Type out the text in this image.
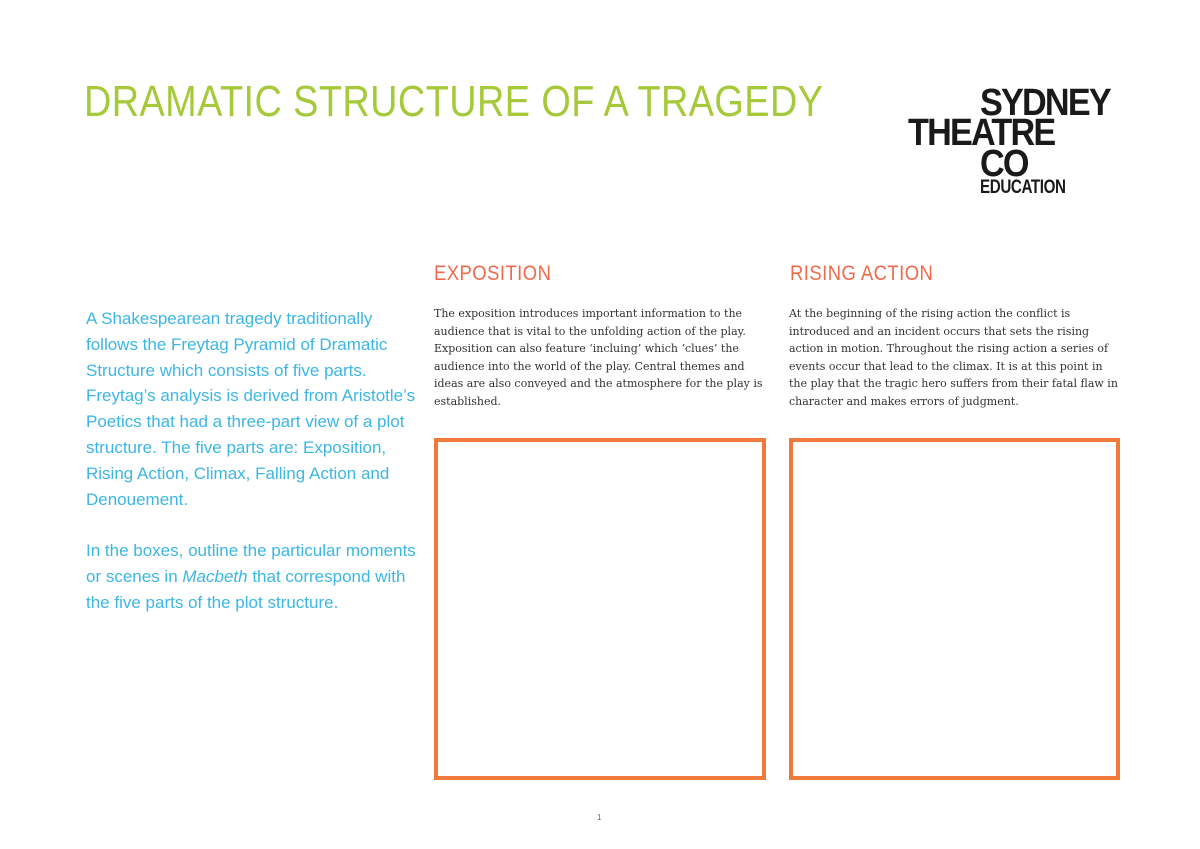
DRAMATIC STRUCTURE OF A TRAGEDY	SYDNEY
THEATRE
CO
EDUCATION

A Shakespearean tragedy traditionally follows the Freytag Pyramid of Dramatic Structure which consists of five parts. Freytag’s analysis is derived from Aristotle’s Poetics that had a three-part view of a plot structure. The five parts are: Exposition, Rising Action, Climax, Falling Action and Denouement.

In the boxes, outline the particular moments or scenes in Macbeth that correspond with the five parts of the plot structure.

EXPOSITION

The exposition introduces important information to the audience that is vital to the unfolding action of the play. Exposition can also feature ‘incluing’ which ‘clues’ the audience into the world of the play. Central themes and ideas are also conveyed and the atmosphere for the play is established.

RISING ACTION

At the beginning of the rising action the conflict is introduced and an incident occurs that sets the rising action in motion. Throughout the rising action a series of events occur that lead to the climax. It is at this point in the play that the tragic hero suffers from their fatal flaw in character and makes errors of judgment.

1
